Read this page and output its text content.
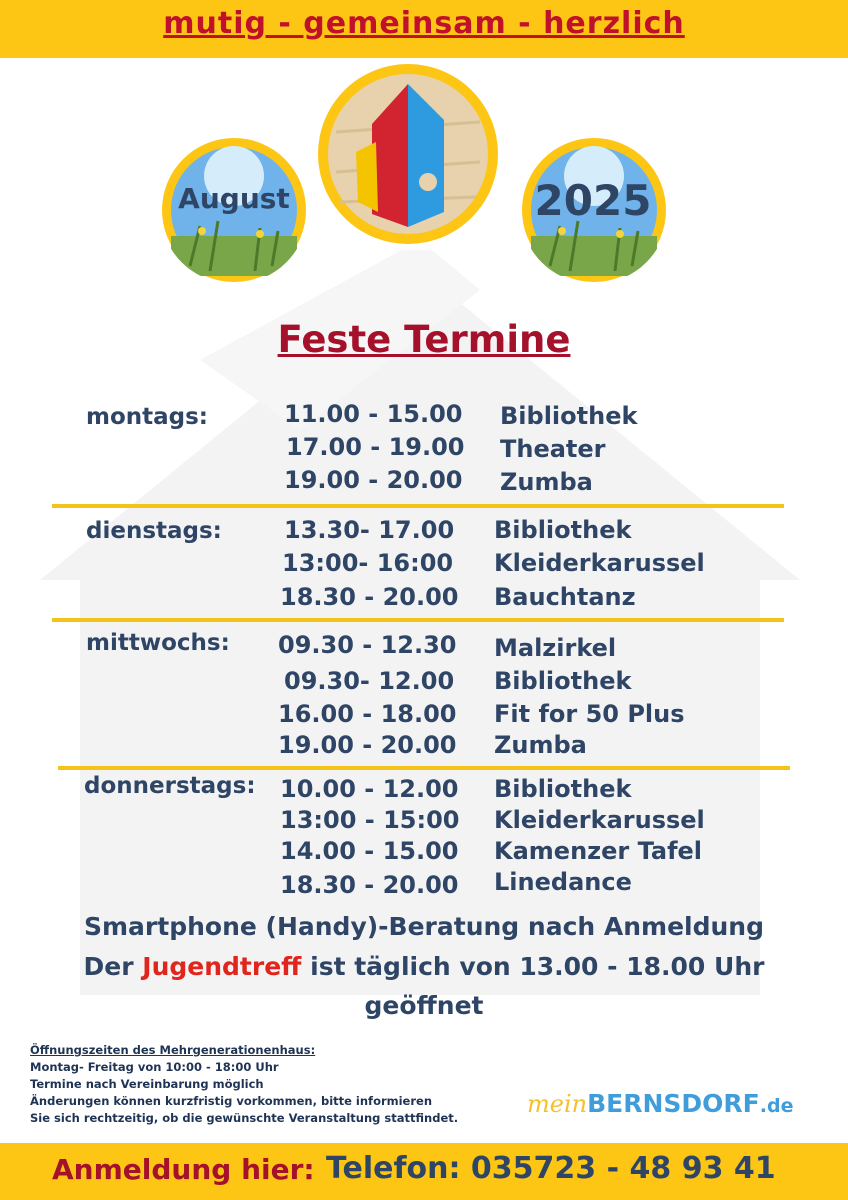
mutig - gemeinsam - herzlich
August	2025
Feste Termine
montags:	11.00 - 15.00 Bibliothek
17.00 - 19.00 Theater
19.00 - 20.00 Zumba
dienstags:	13.30- 17.00 Bibliothek
13:00- 16:00 Kleiderkarussel
18.30 - 20.00 Bauchtanz
mittwochs: 09.30 - 12.30 Malzirkel
09.30- 12.00 Bibliothek
16.00 - 18.00 Fit for 50 Plus
19.00 - 20.00 Zumba
donnerstags: 10.00 - 12.00 Bibliothek
13:00 - 15:00 Kleiderkarussel
14.00 - 15.00 Kamenzer Tafel
18.30 - 20.00 Linedance
Smartphone (Handy)-Beratung nach Anmeldung
Der Jugendtreff ist täglich von 13.00 - 18.00 Uhr
geöffnet
Öffnungszeiten des Mehrgenerationenhaus:
Montag- Freitag von 10:00 - 18:00 Uhr
Termine nach Vereinbarung möglich
Änderungen können kurzfristig vorkommen, bitte informieren
Sie sich rechtzeitig, ob die gewünschte Veranstaltung stattfindet.	meinBERNSDORF.de
Anmeldung hier: Telefon: 035723 - 48 93 41
